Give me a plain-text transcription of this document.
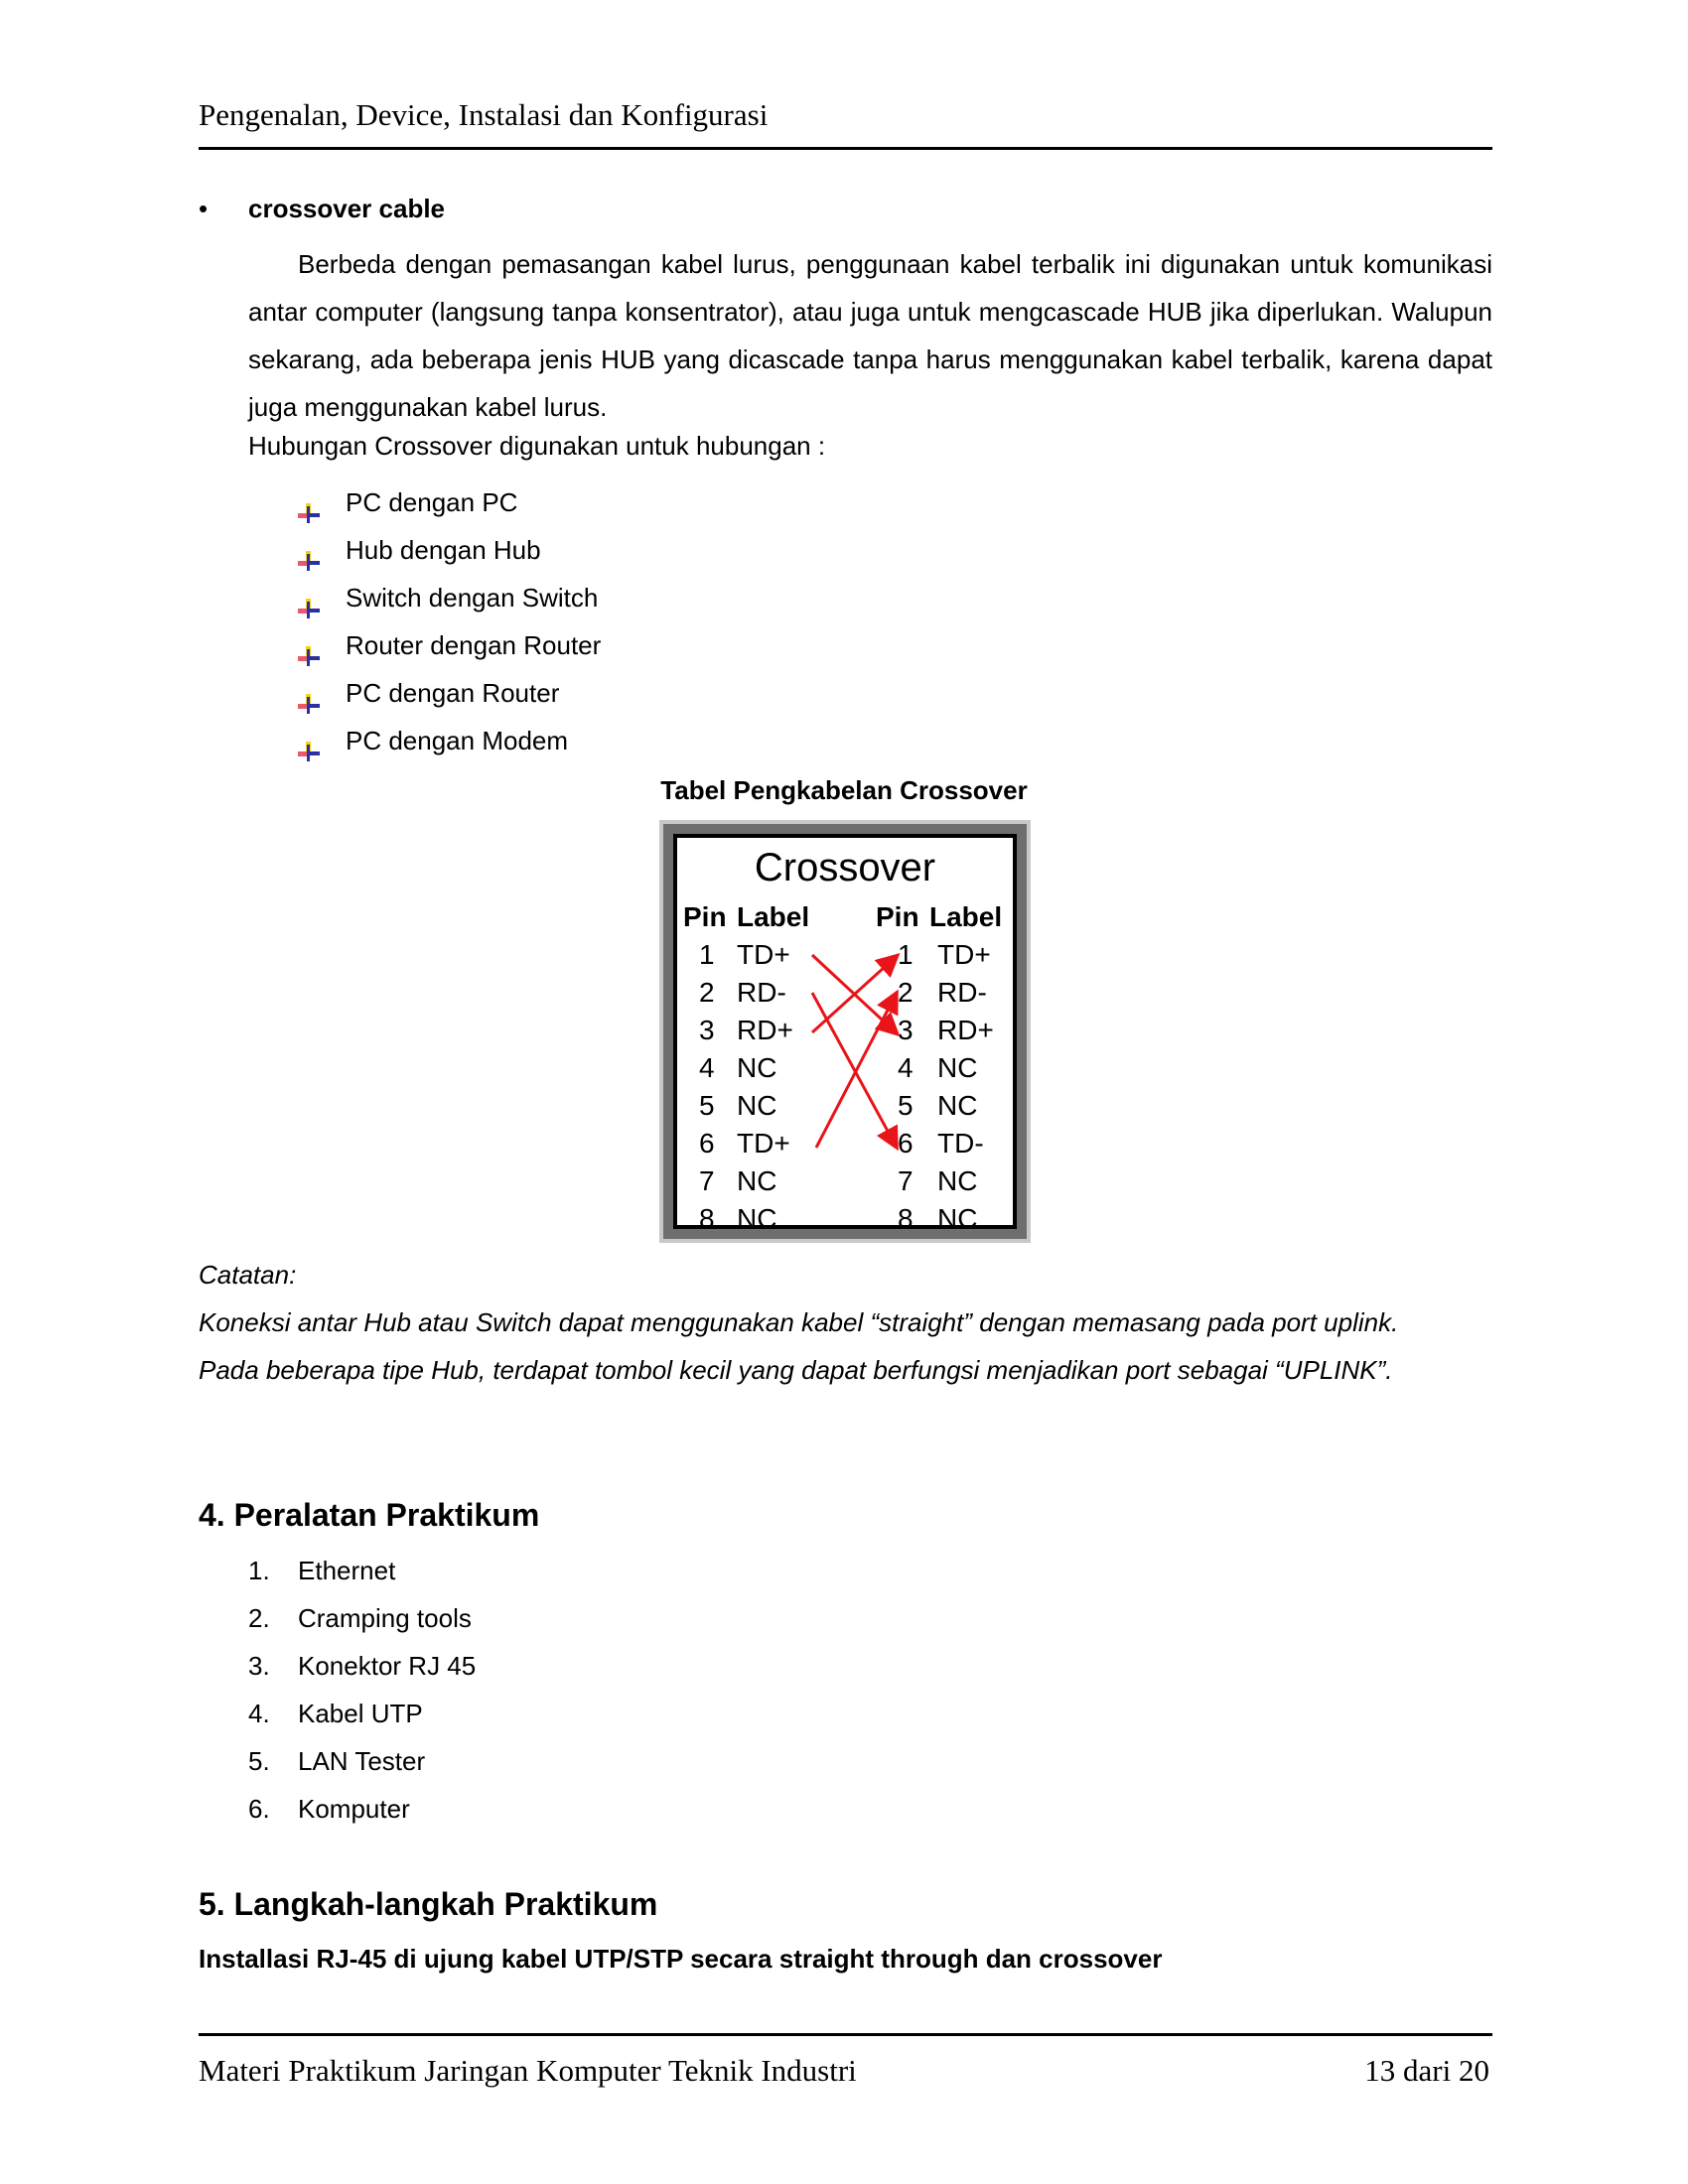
Pengenalan, Device, Instalasi dan Konfigurasi
• crossover cable
Berbeda dengan pemasangan kabel lurus, penggunaan kabel terbalik ini digunakan untuk komunikasi antar computer (langsung tanpa konsentrator), atau juga untuk mengcascade HUB jika diperlukan. Walupun sekarang, ada beberapa jenis HUB yang dicascade tanpa harus menggunakan kabel terbalik, karena dapat juga menggunakan kabel lurus.
Hubungan Crossover digunakan untuk hubungan :
PC dengan PC
Hub dengan Hub
Switch dengan Switch
Router dengan Router
PC dengan Router
PC dengan Modem
Tabel Pengkabelan Crossover
Crossover
Pin Label Pin Label
1 TD+	1 TD+
2 RD-	2 RD-
3 RD+	3 RD+
4 NC	4 NC
5 NC	5 NC
6 TD+	6 TD-
7 NC	7 NC
8 NC	8 NC
Catatan:
Koneksi antar Hub atau Switch dapat menggunakan kabel “straight” dengan memasang pada port uplink.
Pada beberapa tipe Hub, terdapat tombol kecil yang dapat berfungsi menjadikan port sebagai “UPLINK”.
4. Peralatan Praktikum
1.	Ethernet
2.	Cramping tools
3.	Konektor RJ 45
4.	Kabel UTP
5.	LAN Tester
6.	Komputer
5. Langkah-langkah Praktikum
Installasi RJ-45 di ujung kabel UTP/STP secara straight through dan crossover
Materi Praktikum Jaringan Komputer Teknik Industri	13 dari 20
